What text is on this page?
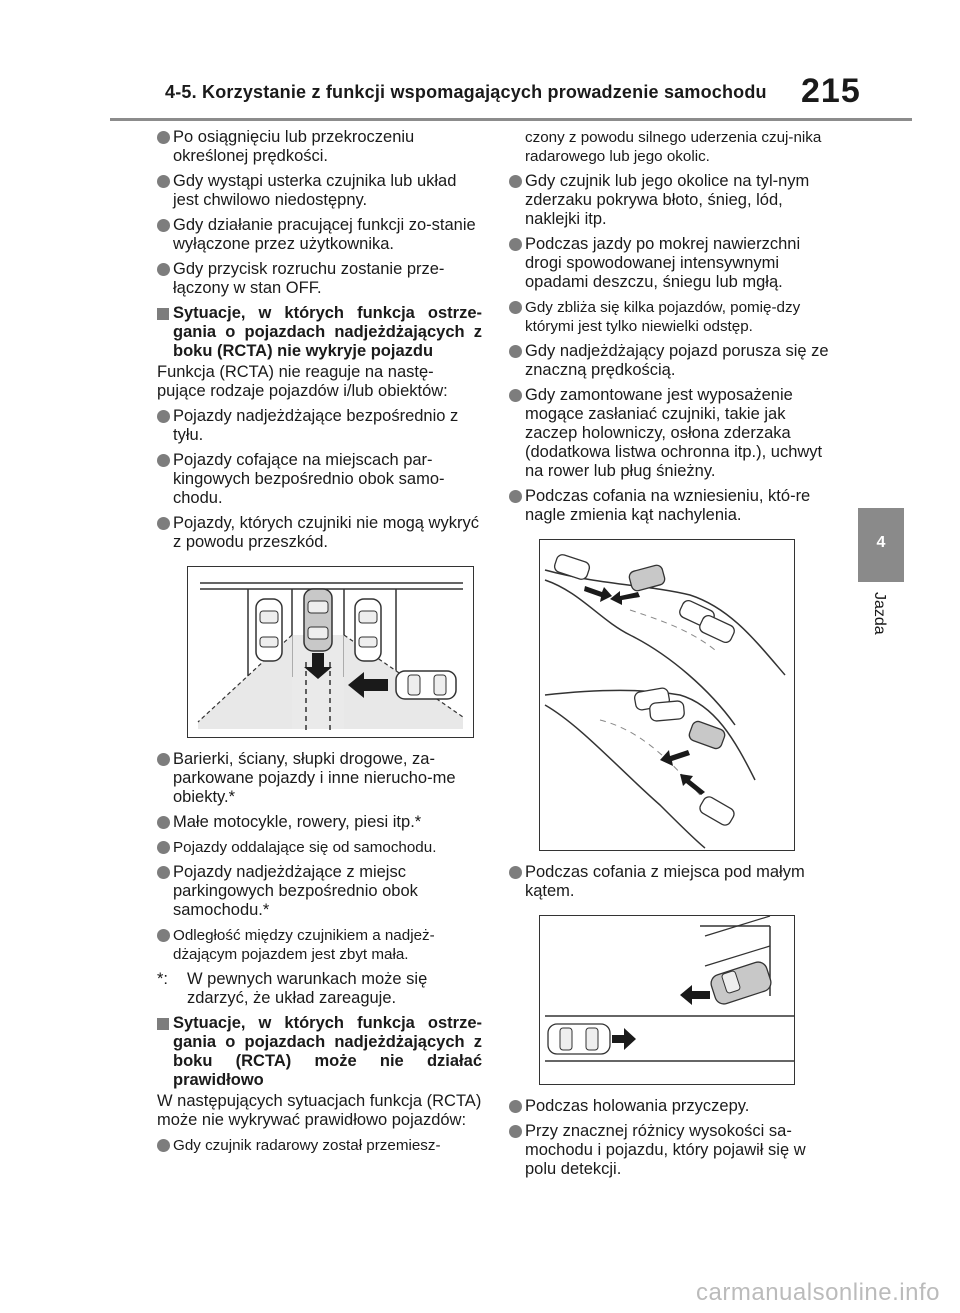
4-5. Korzystanie z funkcji wspomagających prowadzenie samochodu 215
4
Jazda
Po osiągnięciu lub przekroczeniu określonej prędkości.
Gdy wystąpi usterka czujnika lub układ jest chwilowo niedostępny.
Gdy działanie pracującej funkcji zo-stanie wyłączone przez użytkownika.
Gdy przycisk rozruchu zostanie prze-łączony w stan OFF.
Sytuacje, w których funkcja ostrze-gania o pojazdach nadjeżdżających z boku (RCTA) nie wykryje pojazdu
Funkcja (RCTA) nie reaguje na nastę-pujące rodzaje pojazdów i/lub obiektów:
Pojazdy nadjeżdżające bezpośrednio z tyłu.
Pojazdy cofające na miejscach par-kingowych bezpośrednio obok samo-chodu.
Pojazdy, których czujniki nie mogą wykryć z powodu przeszkód.
Barierki, ściany, słupki drogowe, za-parkowane pojazdy i inne nierucho-me obiekty.*
Małe motocykle, rowery, piesi itp.*
Pojazdy oddalające się od samochodu.
Pojazdy nadjeżdżające z miejsc parkingowych bezpośrednio obok samochodu.*
Odległość między czujnikiem a nadjeż-dżającym pojazdem jest zbyt mała.
*:	W pewnych warunkach może się zdarzyć, że układ zareaguje.
Sytuacje, w których funkcja ostrze-gania o pojazdach nadjeżdżających z boku (RCTA) może nie działać prawidłowo
W następujących sytuacjach funkcja (RCTA) może nie wykrywać prawidłowo pojazdów:
Gdy czujnik radarowy został przemiesz-
czony z powodu silnego uderzenia czuj-nika radarowego lub jego okolic.
Gdy czujnik lub jego okolice na tyl-nym zderzaku pokrywa błoto, śnieg, lód, naklejki itp.
Podczas jazdy po mokrej nawierzchni drogi spowodowanej intensywnymi opadami deszczu, śniegu lub mgłą.
Gdy zbliża się kilka pojazdów, pomię-dzy którymi jest tylko niewielki odstęp.
Gdy nadjeżdżający pojazd porusza się ze znaczną prędkością.
Gdy zamontowane jest wyposażenie mogące zasłaniać czujniki, takie jak zaczep holowniczy, osłona zderzaka (dodatkowa listwa ochronna itp.), uchwyt na rower lub pług śnieżny.
Podczas cofania na wzniesieniu, któ-re nagle zmienia kąt nachylenia.
Podczas cofania z miejsca pod małym kątem.
Podczas holowania przyczepy.
Przy znacznej różnicy wysokości sa-mochodu i pojazdu, który pojawił się w polu detekcji.
carmanualsonline.info
